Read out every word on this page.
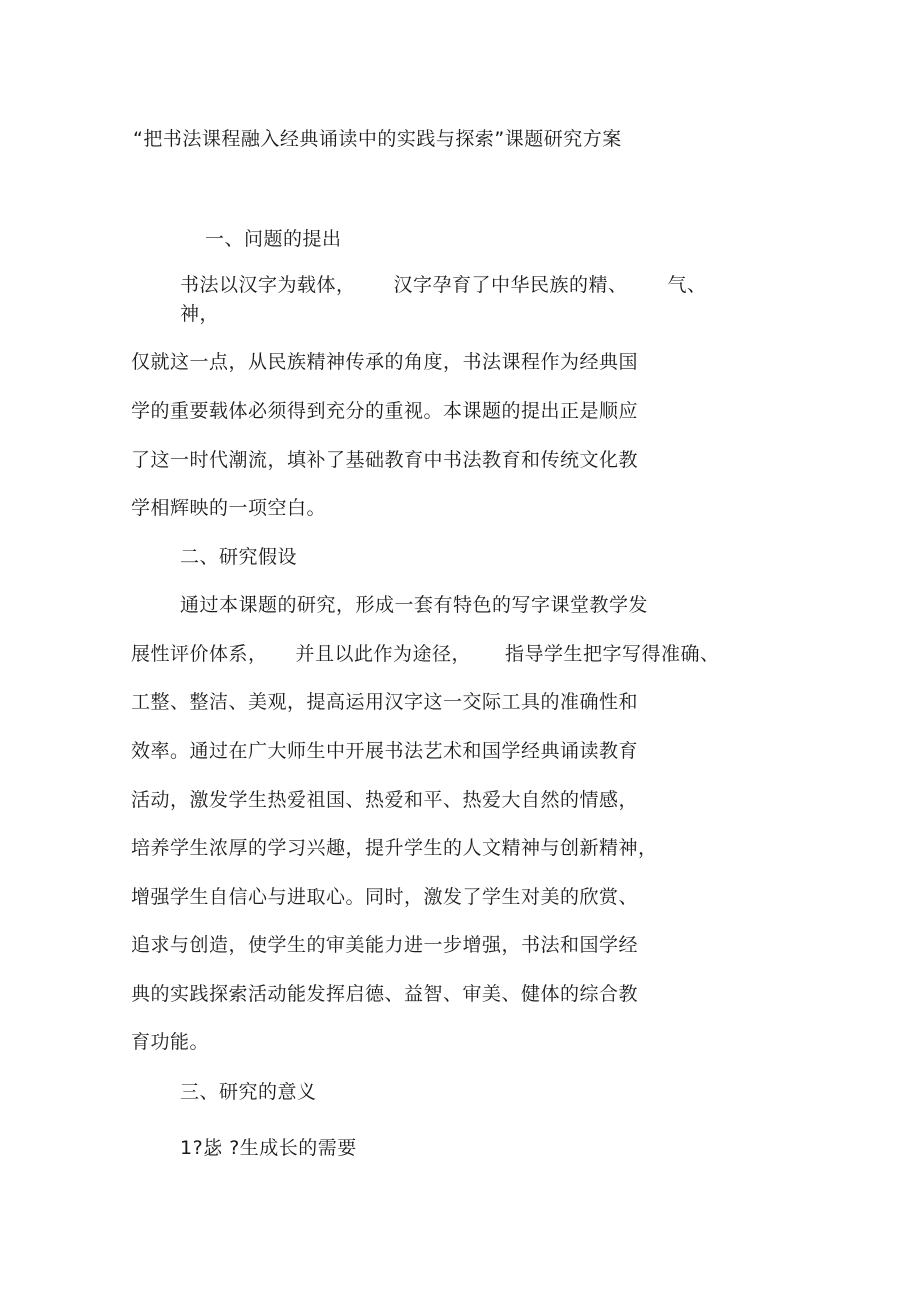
“把书法课程融入经典诵读中的实践与探索”课题研究方案
一、问题的提出
书法以汉字为载体， 汉字孕育了中华民族的精、 气、
神，
仅就这一点，从民族精神传承的角度，书法课程作为经典国
学的重要载体必须得到充分的重视。本课题的提出正是顺应
了这一时代潮流，填补了基础教育中书法教育和传统文化教
学相辉映的一项空白。
二、研究假设
通过本课题的研究，形成一套有特色的写字课堂教学发
展性评价体系， 并且以此作为途径， 指导学生把字写得准确、
工整、整洁、美观，提高运用汉字这一交际工具的准确性和
效率。通过在广大师生中开展书法艺术和国学经典诵读教育
活动，激发学生热爱祖国、热爱和平、热爱大自然的情感，
培养学生浓厚的学习兴趣，提升学生的人文精神与创新精神，
增强学生自信心与进取心。同时，激发了学生对美的欣赏、
追求与创造，使学生的审美能力进一步增强，书法和国学经
典的实践探索活动能发挥启德、益智、审美、健体的综合教
育功能。
三、研究的意义
1?毖 ?生成长的需要
